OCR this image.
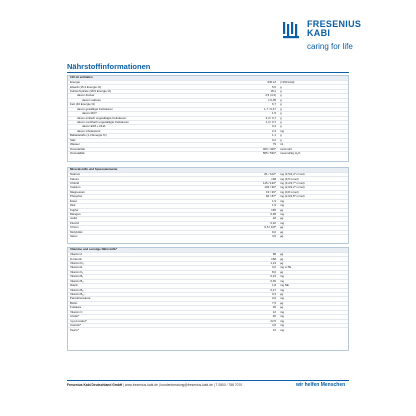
FRESENIUS
KABI
caring for life
Nährstoffinformationen
100 ml enthalten
Energie	630 kJ	(=150 kcal)
Eiweiß (15,2 Energie %)	5,6	g
Kohlenhydrate (48,5 Energie %)	18,1	g
davon Zucker	4,5 (4,3)	g
davon Laktose	≤ 0,05	g
Fett (40 Energie %)	6,7	g
davon gesättigte Fettsäuren	1,7 / 0,47	g
davon MCT	1,5	g
davon einfach ungesättigte Fettsäuren	3,3 / 0,7	g
davon mehrfach ungesättigte Fettsäuren	1,3 / 0,7	g
davon EPA + DHA	0,4	g
davon Cholesterol	2,3	mg
Ballaststoffe (1,3 Energie %)	1,1	g
Salz	0,2	g
Wasser	79	ml
Osmolarität	460 / 420*	mosmol/l
Osmolalität	555 / 530*	mosmol/kg H₂O
Mineralstoffe und Spurenelemente
Natrium	81 / 102*	mg (3,5/4,4* mmol)
Kalium	138	mg (3,5 mmol)
Chlorid	115 / 130*	mg (3,2/3,7* mmol)
Calcium	103 / 90*	mg (2,6/2,2* mmol)
Magnesium	19 / 20*	mg (0,8 mmol)
Phosphor	82 / 87*	mg (2,6/2,8* mmol)
Eisen	1,9	mg
Zink	1,5	mg
Kupfer	165	µg
Mangan	0,38	mg
Jodid	18	µg
Fluorid	0,22	mg
Chrom	6,5 / 9,8*	µg
Molybdän	9,0	µg
Selen	4,5	µg
Vitamine und sonstige Nährstoffe*
Vitamin A	98	µg
β-Carotin	158	µg
Vitamin D₃	1,13	µg
Vitamin E	3,0	mg α-TE
Vitamin K₁	8,0	µg
Vitamin B₁	0,23	mg
Vitamin B₂	0,30	mg
Niacin	1,8	mg NE
Vitamin B₆	0,17	mg
Vitamin B₁₂	0,3	µg
Pantothensäure	0,9	mg
Biotin	7,5	µg
Folsäure	30	µg
Vitamin C	12	mg
Cholin*	30	mg
myo-Inositol*	22,5	mg
Carnitin*	4,5	mg
Taurin*	12	mg
Fresenius Kabi Deutschland GmbH | www.fresenius-kabi.de | kundenberatung@fresenius-kabi.de | T 0800 / 788 7070	wir helfen Menschen
